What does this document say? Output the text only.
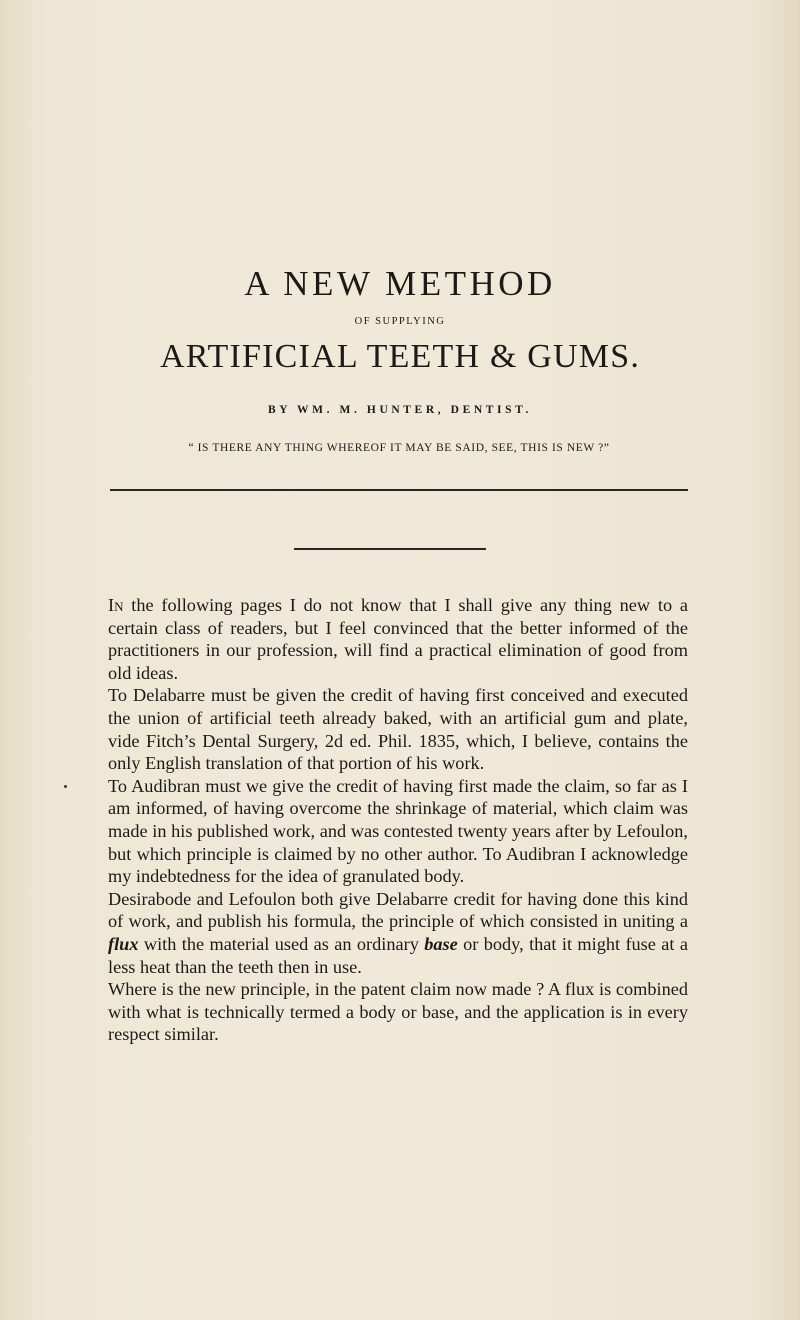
A NEW METHOD
OF SUPPLYING
ARTIFICIAL TEETH & GUMS.
BY WM. M. HUNTER, DENTIST.
“ IS THERE ANY THING WHEREOF IT MAY BE SAID, SEE, THIS IS NEW ?”

In the following pages I do not know that I shall give any thing new to a certain class of readers, but I feel convinced that the better informed of the practitioners in our profession, will find a practical elimination of good from old ideas.

To Delabarre must be given the credit of having first conceived and executed the union of artificial teeth already baked, with an artificial gum and plate, vide Fitch’s Dental Surgery, 2d ed. Phil. 1835, which, I believe, contains the only English translation of that portion of his work.

To Audibran must we give the credit of having first made the claim, so far as I am informed, of having overcome the shrinkage of material, which claim was made in his published work, and was contested twenty years after by Lefoulon, but which principle is claimed by no other author. To Audibran I acknowledge my indebtedness for the idea of granulated body.

Desirabode and Lefoulon both give Delabarre credit for having done this kind of work, and publish his formula, the principle of which consisted in uniting a flux with the material used as an ordinary base or body, that it might fuse at a less heat than the teeth then in use.

Where is the new principle, in the patent claim now made ? A flux is combined with what is technically termed a body or base, and the application is in every respect similar.
